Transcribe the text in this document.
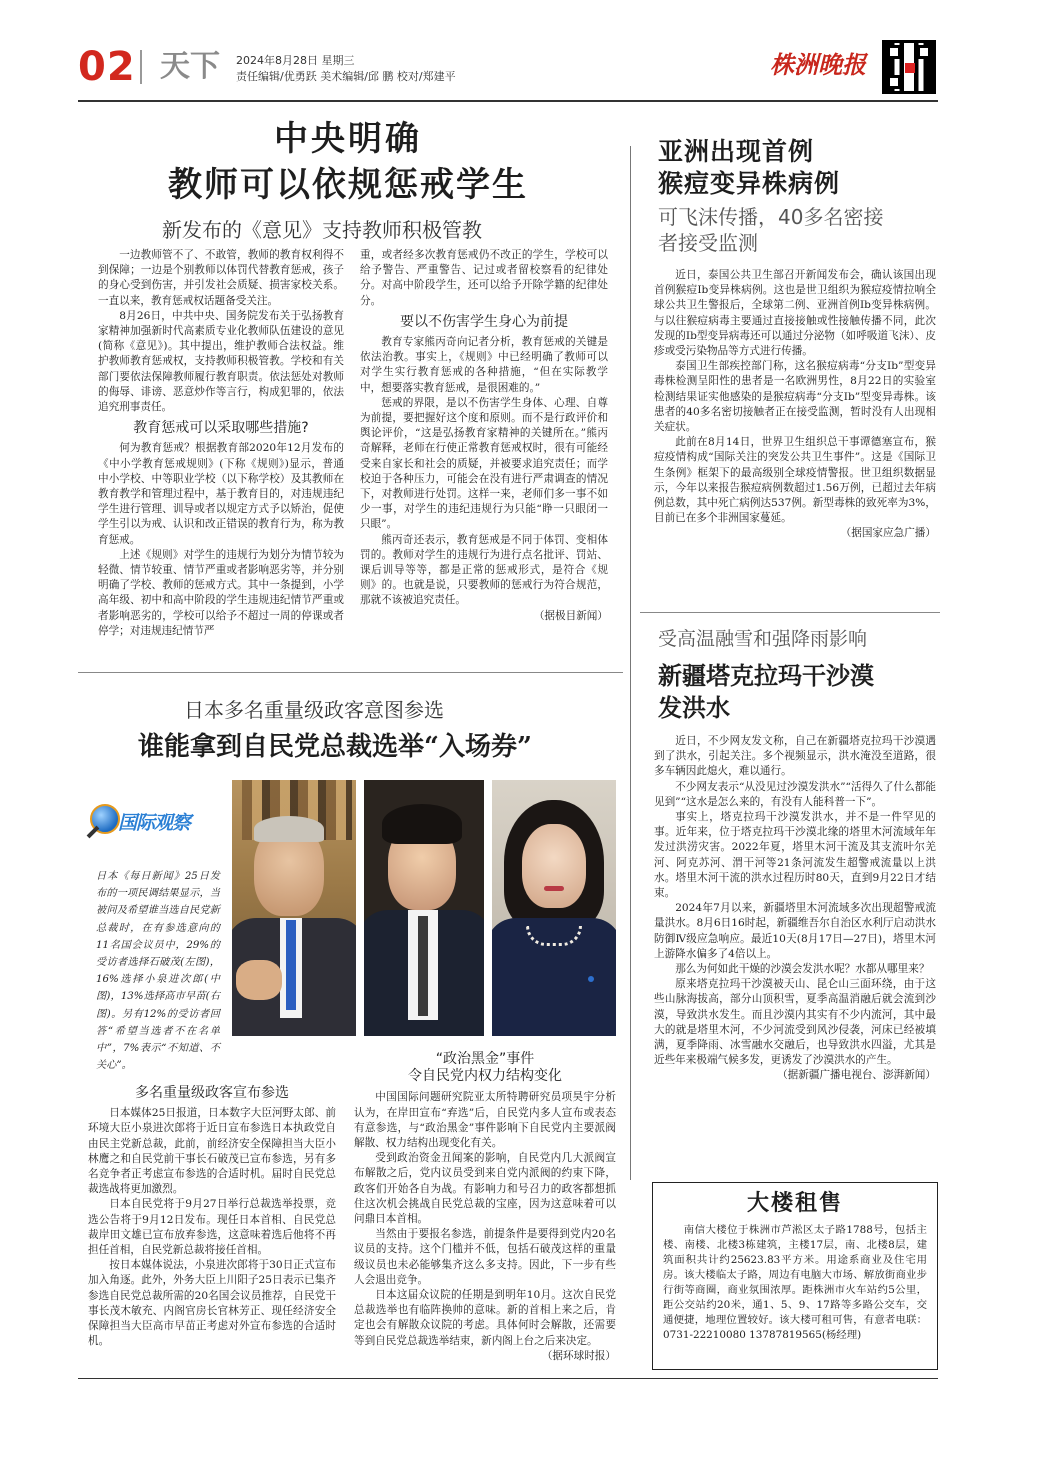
02 天下 2024年8月28日 星期三
责任编辑/优勇跃 美术编辑/邱 鹏 校对/郑建平	株洲晚报
中央明确
教师可以依规惩戒学生
新发布的《意见》支持教师积极管教

一边教师管不了、不敢管，教师的教育权利得不到保障；一边是个别教师以体罚代替教育惩戒，孩子的身心受到伤害，并引发社会质疑、损害家校关系。一直以来，教育惩戒权话题备受关注。

8月26日，中共中央、国务院发布关于弘扬教育家精神加强新时代高素质专业化教师队伍建设的意见(简称《意见》)。其中提出，维护教师合法权益。维护教师教育惩戒权，支持教师积极管教。学校和有关部门要依法保障教师履行教育职责。依法惩处对教师的侮辱、诽谤、恶意炒作等言行，构成犯罪的，依法追究刑事责任。

教育惩戒可以采取哪些措施?

何为教育惩戒？根据教育部2020年12月发布的《中小学教育惩戒规则》(下称《规则》)显示，普通中小学校、中等职业学校（以下称学校）及其教师在教育教学和管理过程中，基于教育目的，对违规违纪学生进行管理、训导或者以规定方式予以矫治，促使学生引以为戒、认识和改正错误的教育行为，称为教育惩戒。

上述《规则》对学生的违规行为划分为情节较为轻微、情节较重、情节严重或者影响恶劣等，并分别明确了学校、教师的惩戒方式。其中一条提到，小学高年级、初中和高中阶段的学生违规违纪情节严重或者影响恶劣的，学校可以给予不超过一周的停课或者停学；对违规违纪情节严

重，或者经多次教育惩戒仍不改正的学生，学校可以给予警告、严重警告、记过或者留校察看的纪律处分。对高中阶段学生，还可以给予开除学籍的纪律处分。

要以不伤害学生身心为前提

教育专家熊丙奇向记者分析，教育惩戒的关键是依法治教。事实上，《规则》中已经明确了教师可以对学生实行教育惩戒的各种措施，“但在实际教学中，想要落实教育惩戒，是很困难的。”

惩戒的界限，是以不伤害学生身体、心理、自尊为前提，要把握好这个度和原则。而不是行政评价和舆论评价，“这是弘扬教育家精神的关键所在。”熊丙奇解释，老师在行使正常教育惩戒权时，很有可能经受来自家长和社会的质疑，并被要求追究责任；而学校迫于各种压力，可能会在没有进行严肃调查的情况下，对教师进行处罚。这样一来，老师们多一事不如少一事，对学生的违纪违规行为只能“睁一只眼闭一只眼”。

熊丙奇还表示，教育惩戒是不同于体罚、变相体罚的。教师对学生的违规行为进行点名批评、罚站、课后训导等等，都是正常的惩戒形式，是符合《规则》的。也就是说，只要教师的惩戒行为符合规范，那就不该被追究责任。

（据极目新闻）
亚洲出现首例
猴痘变异株病例
可飞沫传播，40多名密接
者接受监测

近日，泰国公共卫生部召开新闻发布会，确认该国出现首例猴痘Ib变异株病例。这也是世卫组织为猴痘疫情拉响全球公共卫生警报后，全球第二例、亚洲首例Ib变异株病例。与以往猴痘病毒主要通过直接接触或性接触传播不同，此次发现的Ib型变异病毒还可以通过分泌物（如呼吸道飞沫）、皮疹或受污染物品等方式进行传播。

泰国卫生部疾控部门称，这名猴痘病毒“分支Ib”型变异毒株检测呈阳性的患者是一名欧洲男性，8月22日的实验室检测结果证实他感染的是猴痘病毒“分支Ib”型变异毒株。该患者的40多名密切接触者正在接受监测，暂时没有人出现相关症状。

此前在8月14日，世界卫生组织总干事谭德塞宣布，猴痘疫情构成“国际关注的突发公共卫生事件”。这是《国际卫生条例》框架下的最高级别全球疫情警报。世卫组织数据显示，今年以来报告猴痘病例数超过1.56万例，已超过去年病例总数，其中死亡病例达537例。新型毒株的致死率为3%，目前已在多个非洲国家蔓延。

（据国家应急广播）
受高温融雪和强降雨影响
新疆塔克拉玛干沙漠
发洪水

近日，不少网友发文称，自己在新疆塔克拉玛干沙漠遇到了洪水，引起关注。多个视频显示，洪水淹没至道路，很多车辆因此熄火，难以通行。

不少网友表示“从没见过沙漠发洪水”“活得久了什么都能见到”“这水是怎么来的，有没有人能科普一下”。

事实上，塔克拉玛干沙漠发洪水，并不是一件罕见的事。近年来，位于塔克拉玛干沙漠北缘的塔里木河流域年年发过洪涝灾害。2022年夏，塔里木河干流及其支流叶尔羌河、阿克苏河、渭干河等21条河流发生超警戒流量以上洪水。塔里木河干流的洪水过程历时80天，直到9月22日才结束。

2024年7月以来，新疆塔里木河流域多次出现超警戒流量洪水。8月6日16时起，新疆维吾尔自治区水利厅启动洪水防御Ⅳ级应急响应。最近10天(8月17日—27日)，塔里木河上游降水偏多了4倍以上。

那么为何如此干燥的沙漠会发洪水呢？水都从哪里来？

原来塔克拉玛干沙漠被天山、昆仑山三面环绕，由于这些山脉海拔高，部分山顶积雪，夏季高温消融后就会流到沙漠，导致洪水发生。而且沙漠内其实有不少内流河，其中最大的就是塔里木河，不少河流受到风沙侵袭，河床已经被填满，夏季降雨、冰雪融水交融后，也导致洪水四溢，尤其是近些年来极端气候多发，更诱发了沙漠洪水的产生。

（据新疆广播电视台、澎湃新闻）
大楼租售
南信大楼位于株洲市芦淞区太子路1788号，包括主楼、南楼、北楼3栋建筑，主楼17层，南、北楼8层，建筑面积共计约25623.83平方米。用途系商业及住宅用房。该大楼临太子路，周边有电脑大市场、解放街商业步行街等商圈，商业氛围浓厚。距株洲市火车站约5公里，距公交站约20米，通1、5、9、17路等多路公交车，交通便捷，地理位置较好。该大楼可租可售，有意者电联：0731-22210080 13787819565(杨经理)
日本多名重量级政客意图参选
谁能拿到自民党总裁选举“入场券”
国际观察
日本《每日新闻》25日发布的一项民调结果显示，当被问及希望谁当选自民党新总裁时，在有参选意向的11名国会议员中，29%的受访者选择石破茂(左图)，16%选择小泉进次郎(中图)，13%选择高市早苗(右图)。另有12%的受访者回答“希望当选者不在名单中”，7%表示“不知道、不关心”。
多名重量级政客宣布参选

日本媒体25日报道，日本数字大臣河野太郎、前环境大臣小泉进次郎将于近日宣布参选日本执政党自由民主党新总裁，此前，前经济安全保障担当大臣小林鹰之和自民党前干事长石破茂已宣布参选，另有多名竞争者正考虑宣布参选的合适时机。届时自民党总裁选战将更加激烈。

日本自民党将于9月27日举行总裁选举投票，竞选公告将于9月12日发布。现任日本首相、自民党总裁岸田文雄已宣布放弃参选，这意味着选后他将不再担任首相，自民党新总裁将接任首相。

按日本媒体说法，小泉进次郎将于30日正式宣布加入角逐。此外，外务大臣上川阳子25日表示已集齐参选自民党总裁所需的20名国会议员推荐，自民党干事长茂木敏充、内阁官房长官林芳正、现任经济安全保障担当大臣高市早苗正考虑对外宣布参选的合适时机。

“政治黑金”事件
令自民党内权力结构变化

中国国际问题研究院亚太所特聘研究员项昊宇分析认为，在岸田宣布“弃选”后，自民党内多人宣布或表态有意参选，与“政治黑金”事件影响下自民党内主要派阀解散、权力结构出现变化有关。

受到政治资金丑闻案的影响，自民党内几大派阀宣布解散之后，党内议员受到来自党内派阀的约束下降，政客们开始各自为战。有影响力和号召力的政客都想抓住这次机会挑战自民党总裁的宝座，因为这意味着可以问鼎日本首相。

当然由于要报名参选，前提条件是要得到党内20名议员的支持。这个门槛并不低，包括石破茂这样的重量级议员也未必能够集齐这么多支持。因此，下一步有些人会退出竞争。

日本这届众议院的任期是到明年10月。这次自民党总裁选举也有临阵换帅的意味。新的首相上来之后，肯定也会有解散众议院的考虑。具体何时会解散，还需要等到自民党总裁选举结束，新内阁上台之后来决定。

（据环球时报）
